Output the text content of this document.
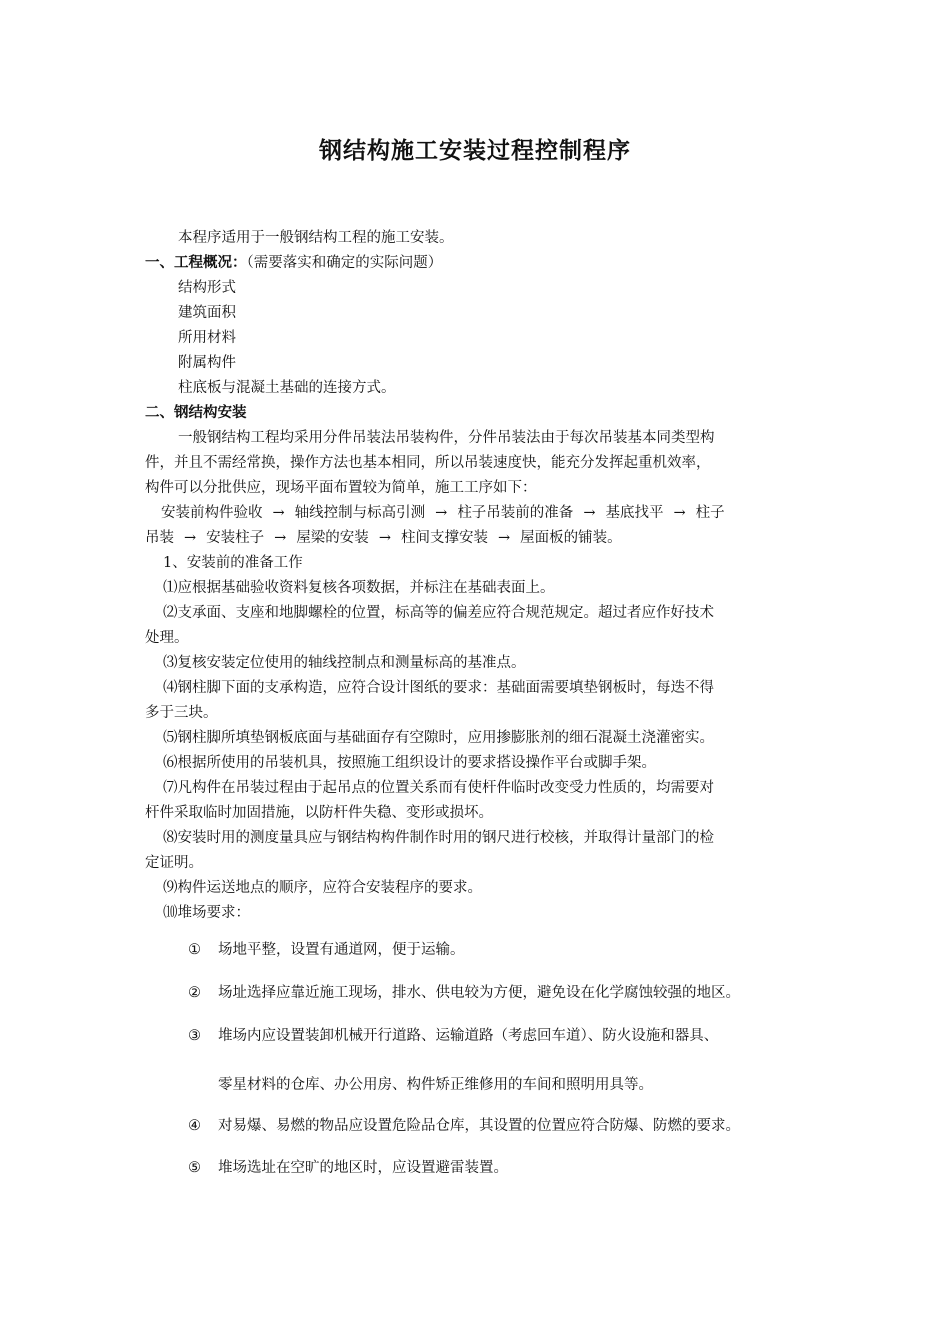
钢结构施工安装过程控制程序
本程序适用于一般钢结构工程的施工安装。
一、工程概况：（需要落实和确定的实际问题）
结构形式
建筑面积
所用材料
附属构件
柱底板与混凝土基础的连接方式。
二、钢结构安装
一般钢结构工程均采用分件吊装法吊装构件，分件吊装法由于每次吊装基本同类型构
件，并且不需经常换，操作方法也基本相同，所以吊装速度快，能充分发挥起重机效率，
构件可以分批供应，现场平面布置较为简单，施工工序如下：
安装前构件验收 → 轴线控制与标高引测 → 柱子吊装前的准备 → 基底找平 → 柱子
吊装 → 安装柱子 → 屋梁的安装 → 柱间支撑安装 → 屋面板的铺装。
1、安装前的准备工作
⑴应根据基础验收资料复核各项数据，并标注在基础表面上。
⑵支承面、支座和地脚螺栓的位置，标高等的偏差应符合规范规定。超过者应作好技术
处理。
⑶复核安装定位使用的轴线控制点和测量标高的基准点。
⑷钢柱脚下面的支承构造，应符合设计图纸的要求：基础面需要填垫钢板时，每迭不得
多于三块。
⑸钢柱脚所填垫钢板底面与基础面存有空隙时，应用掺膨胀剂的细石混凝土浇灌密实。
⑹根据所使用的吊装机具，按照施工组织设计的要求搭设操作平台或脚手架。
⑺凡构件在吊装过程由于起吊点的位置关系而有使杆件临时改变受力性质的，均需要对
杆件采取临时加固措施，以防杆件失稳、变形或损坏。
⑻安装时用的测度量具应与钢结构构件制作时用的钢尺进行校核，并取得计量部门的检
定证明。
⑼构件运送地点的顺序，应符合安装程序的要求。
⑽堆场要求：
① 场地平整，设置有通道网，便于运输。
② 场址选择应靠近施工现场，排水、供电较为方便，避免设在化学腐蚀较强的地区。
③ 堆场内应设置装卸机械开行道路、运输道路（考虑回车道）、防火设施和器具、
零星材料的仓库、办公用房、构件矫正维修用的车间和照明用具等。
④ 对易爆、易燃的物品应设置危险品仓库，其设置的位置应符合防爆、防燃的要求。
⑤ 堆场选址在空旷的地区时，应设置避雷装置。
